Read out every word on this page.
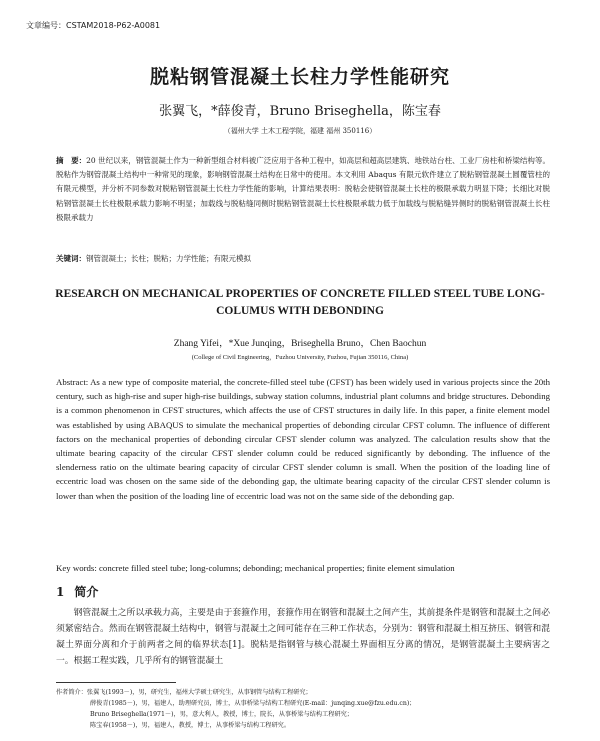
文章编号：CSTAM2018-P62-A0081
脱粘钢管混凝土长柱力学性能研究
张翼飞，*薛俊青，Bruno Briseghella，陈宝春
（福州大学 土木工程学院，福建 福州 350116）
摘　要：20 世纪以来，钢管混凝土作为一种新型组合材料被广泛应用于各种工程中，如高层和超高层建筑、地铁站台柱、工业厂房柱和桥梁结构等。脱粘作为钢管混凝土结构中一种常见的现象，影响钢管混凝土结构在日常中的使用。本文利用 Abaqus 有限元软件建立了脱粘钢管混凝土圆覆管柱的有限元模型，并分析不同参数对脱粘钢管混凝土长柱力学性能的影响，计算结果表明：脱粘会使钢管混凝土长柱的极限承载力明显下降；长细比对脱粘钢管混凝土长柱极限承载力影响不明显；加载线与脱粘缝同侧时脱粘钢管混凝土长柱极限承载力低于加载线与脱粘缝异侧时的脱粘钢管混凝土长柱极限承载力
关键词：钢管混凝土；长柱；脱粘；力学性能；有限元模拟
RESEARCH ON MECHANICAL PROPERTIES OF CONCRETE FILLED STEEL TUBE LONG-COLUMUS WITH DEBONDING
Zhang Yifei，*Xue Junqing，Briseghella Bruno，Chen Baochun
(College of Civil Engineering，Fuzhou University, Fuzhou, Fujian 350116, China)
Abstract: As a new type of composite material, the concrete-filled steel tube (CFST) has been widely used in various projects since the 20th century, such as high-rise and super high-rise buildings, subway station columns, industrial plant columns and bridge structures. Debonding is a common phenomenon in CFST structures, which affects the use of CFST structures in daily life. In this paper, a finite element model was established by using ABAQUS to simulate the mechanical properties of debonding circular CFST column. The influence of different factors on the mechanical properties of debonding circular CFST slender column was analyzed. The calculation results show that the ultimate bearing capacity of the circular CFST slender column could be reduced significantly by debonding. The influence of the slenderness ratio on the ultimate bearing capacity of circular CFST slender column is small. When the position of the loading line of eccentric load was chosen on the same side of the debonding gap, the ultimate bearing capacity of the circular CFST slender column is lower than when the position of the loading line of eccentric load was not on the same side of the debonding gap.
Key words: concrete filled steel tube; long-columns; debonding; mechanical properties; finite element simulation
1 简介
钢管混凝土之所以承载力高，主要是由于套箍作用，套箍作用在钢管和混凝土之间产生，其前提条件是钢管和混凝土之间必须紧密结合。然而在钢管混凝土结构中，钢管与混凝土之间可能存在三种工作状态，分别为：钢管和混凝土相互挤压、钢管和混凝土界面分离和介于前两者之间的临界状态[1]。脱粘是指钢管与核心混凝土界面相互分离的情况，是钢管混凝土主要病害之一。根据工程实践，几乎所有的钢管混凝土
作者简介：张翼飞(1993－)，男，研究生，福州大学硕士研究生，从事钢管与结构工程研究；
薛俊青(1985－)，男，福建人，助理研究员，博士，从事桥梁与结构工程研究(E-mail：junqing.xue@fzu.edu.cn)；
Bruno Briseghella(1971－)，男，意大利人，教授，博士，院长，从事桥梁与结构工程研究；
陈宝春(1958－)，男，福建人，教授，博士，从事桥梁与结构工程研究。
